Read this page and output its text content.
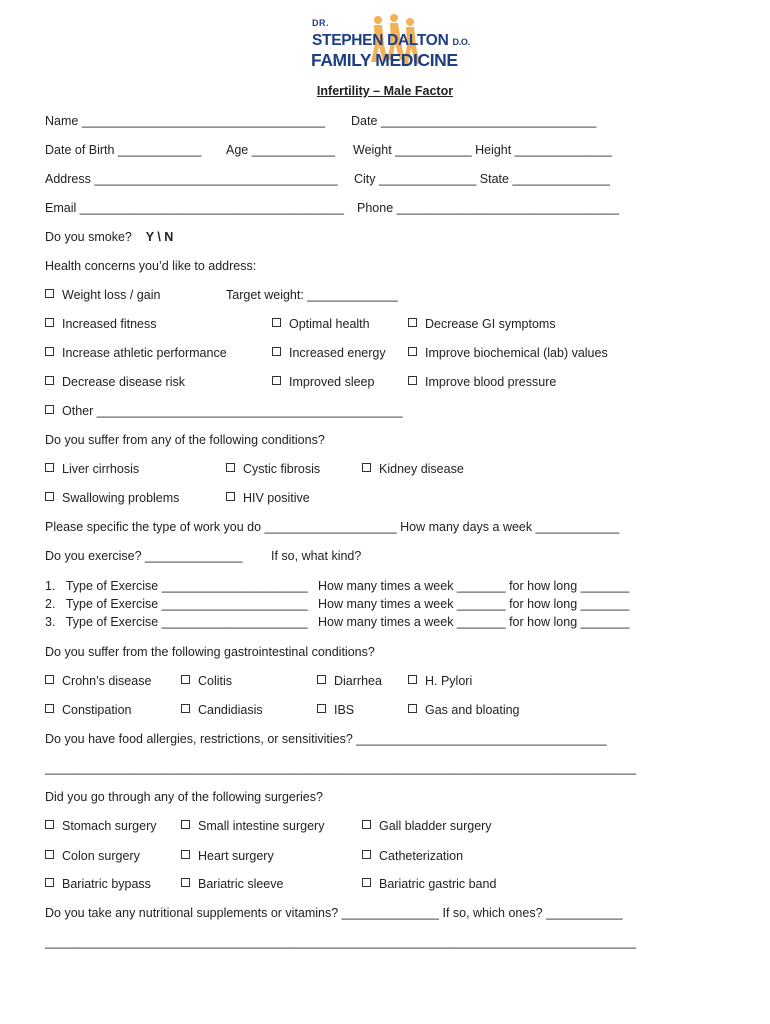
DR.
STEPHEN DALTON D.O.
FAMILY MEDICINE
Infertility – Male Factor
Name ___________________________________ Date _______________________________
Date of Birth ____________ Age ____________ Weight ___________ Height ______________
Address ___________________________________ City ______________ State ______________
Email ______________________________________ Phone ________________________________
Do you smoke? Y \ N
Health concerns you’d like to address:
Weight loss / gain	Target weight: _____________
Increased fitness	Optimal health	Decrease GI symptoms
Increase athletic performance	Increased energy	Improve biochemical (lab) values
Decrease disease risk	Improved sleep	Improve blood pressure
Other ____________________________________________
Do you suffer from any of the following conditions?
Liver cirrhosis	Cystic fibrosis	Kidney disease
Swallowing problems	HIV positive
Please specific the type of work you do ___________________ How many days a week ____________
Do you exercise? ______________ If so, what kind?
1. Type of Exercise _____________________ How many times a week _______ for how long _______
2. Type of Exercise _____________________ How many times a week _______ for how long _______
3. Type of Exercise _____________________ How many times a week _______ for how long _______
Do you suffer from the following gastrointestinal conditions?
Crohn’s disease	Colitis	Diarrhea	H. Pylori
Constipation	Candidiasis	IBS	Gas and bloating
Do you have food allergies, restrictions, or sensitivities? ____________________________________
_____________________________________________________________________________________
Did you go through any of the following surgeries?
Stomach surgery	Small intestine surgery	Gall bladder surgery
Colon surgery	Heart surgery	Catheterization
Bariatric bypass	Bariatric sleeve	Bariatric gastric band
Do you take any nutritional supplements or vitamins? ______________ If so, which ones? ___________
_____________________________________________________________________________________
